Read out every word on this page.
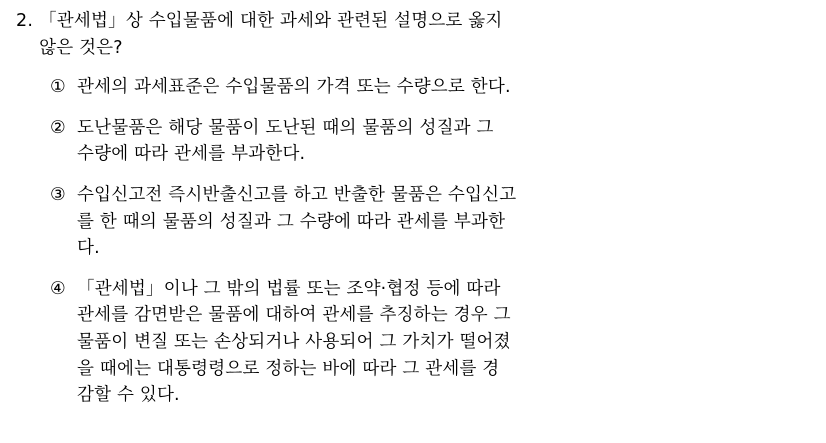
2. 「관세법」상 수입물품에 대한 과세와 관련된 설명으로 옳지
않은 것은?
① 관세의 과세표준은 수입물품의 가격 또는 수량으로 한다.
② 도난물품은 해당 물품이 도난된 때의 물품의 성질과 그
수량에 따라 관세를 부과한다.
③ 수입신고전 즉시반출신고를 하고 반출한 물품은 수입신고
를 한 때의 물품의 성질과 그 수량에 따라 관세를 부과한
다.
④ 「관세법」이나 그 밖의 법률 또는 조약·협정 등에 따라
관세를 감면받은 물품에 대하여 관세를 추징하는 경우 그
물품이 변질 또는 손상되거나 사용되어 그 가치가 떨어졌
을 때에는 대통령령으로 정하는 바에 따라 그 관세를 경
감할 수 있다.
